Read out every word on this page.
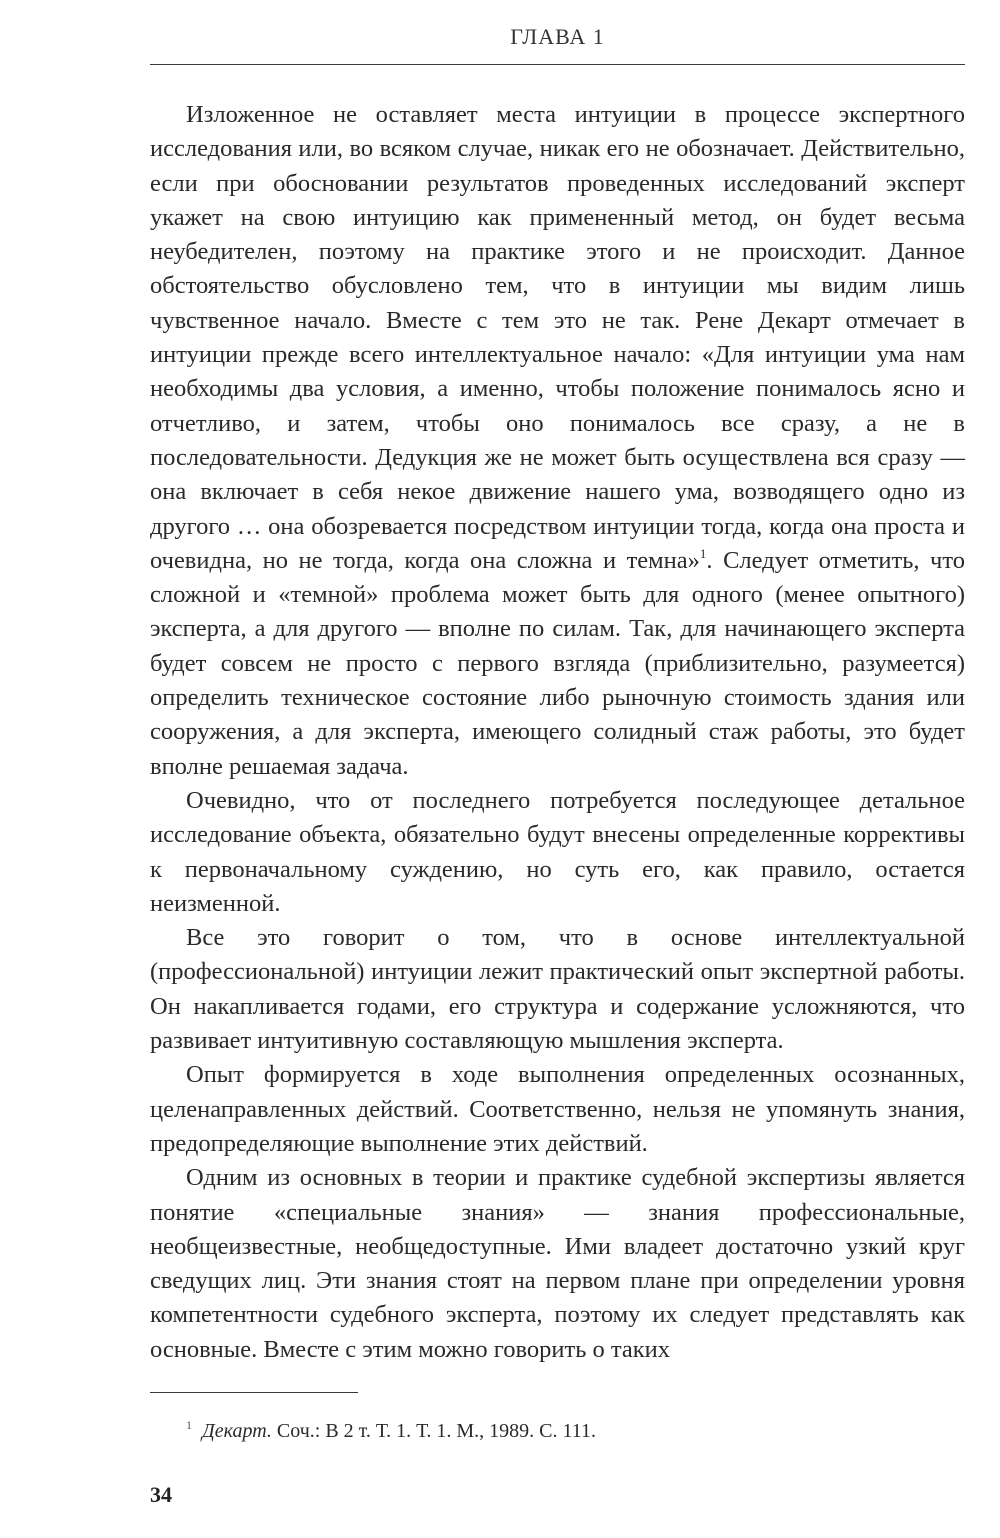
ГЛАВА 1

Изложенное не оставляет места интуиции в процессе экспертного исследования или, во всяком случае, никак его не обозначает. Действительно, если при обосновании результатов проведенных исследований эксперт укажет на свою интуицию как примененный метод, он будет весьма неубедителен, поэтому на практике этого и не происходит. Данное обстоятельство обусловлено тем, что в интуиции мы видим лишь чувственное начало. Вместе с тем это не так. Рене Декарт отмечает в интуиции прежде всего интеллектуальное начало: «Для интуиции ума нам необходимы два условия, а именно, чтобы положение понималось ясно и отчетливо, и затем, чтобы оно понималось все сразу, а не в последовательности. Дедукция же не может быть осуществлена вся сразу — она включает в себя некое движение нашего ума, возводящего одно из другого … она обозревается посредством интуиции тогда, когда она проста и очевидна, но не тогда, когда она сложна и темна»$^1$. Следует отметить, что сложной и «темной» проблема может быть для одного (менее опытного) эксперта, а для другого — вполне по силам. Так, для начинающего эксперта будет совсем не просто с первого взгляда (приблизительно, разумеется) определить техническое состояние либо рыночную стоимость здания или сооружения, а для эксперта, имеющего солидный стаж работы, это будет вполне решаемая задача.

Очевидно, что от последнего потребуется последующее детальное исследование объекта, обязательно будут внесены определенные коррективы к первоначальному суждению, но суть его, как правило, остается неизменной.

Все это говорит о том, что в основе интеллектуальной (профессиональной) интуиции лежит практический опыт экспертной работы. Он накапливается годами, его структура и содержание усложняются, что развивает интуитивную составляющую мышления эксперта.

Опыт формируется в ходе выполнения определенных осознанных, целенаправленных действий. Соответственно, нельзя не упомянуть знания, предопределяющие выполнение этих действий.

Одним из основных в теории и практике судебной экспертизы является понятие «специальные знания» — знания профессиональные, необщеизвестные, необщедоступные. Ими владеет достаточно узкий круг сведущих лиц. Эти знания стоят на первом плане при определении уровня компетентности судебного эксперта, поэтому их следует представлять как основные. Вместе с этим можно говорить о таких

$^1$ Декарт. Соч.: В 2 т. Т. 1. Т. 1. М., 1989. С. 111.
34
